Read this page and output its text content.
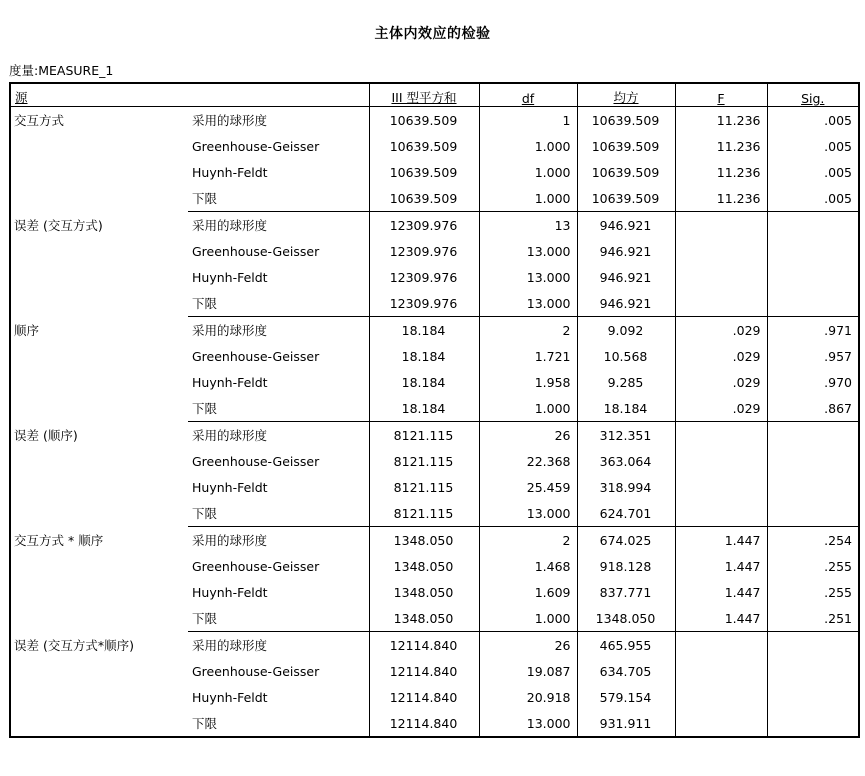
主体内效应的检验
度量:MEASURE_1
源		III 型平方和	df	均方	F	Sig.
交互方式	采用的球形度	10639.509	1	10639.509	11.236	.005
	Greenhouse-Geisser	10639.509	1.000	10639.509	11.236	.005
	Huynh-Feldt	10639.509	1.000	10639.509	11.236	.005
	下限	10639.509	1.000	10639.509	11.236	.005
误差 (交互方式)	采用的球形度	12309.976	13	946.921		
	Greenhouse-Geisser	12309.976	13.000	946.921		
	Huynh-Feldt	12309.976	13.000	946.921		
	下限	12309.976	13.000	946.921		
顺序	采用的球形度	18.184	2	9.092	.029	.971
	Greenhouse-Geisser	18.184	1.721	10.568	.029	.957
	Huynh-Feldt	18.184	1.958	9.285	.029	.970
	下限	18.184	1.000	18.184	.029	.867
误差 (顺序)	采用的球形度	8121.115	26	312.351		
	Greenhouse-Geisser	8121.115	22.368	363.064		
	Huynh-Feldt	8121.115	25.459	318.994		
	下限	8121.115	13.000	624.701		
交互方式 * 顺序	采用的球形度	1348.050	2	674.025	1.447	.254
	Greenhouse-Geisser	1348.050	1.468	918.128	1.447	.255
	Huynh-Feldt	1348.050	1.609	837.771	1.447	.255
	下限	1348.050	1.000	1348.050	1.447	.251
误差 (交互方式*顺序)	采用的球形度	12114.840	26	465.955		
	Greenhouse-Geisser	12114.840	19.087	634.705		
	Huynh-Feldt	12114.840	20.918	579.154		
	下限	12114.840	13.000	931.911		
